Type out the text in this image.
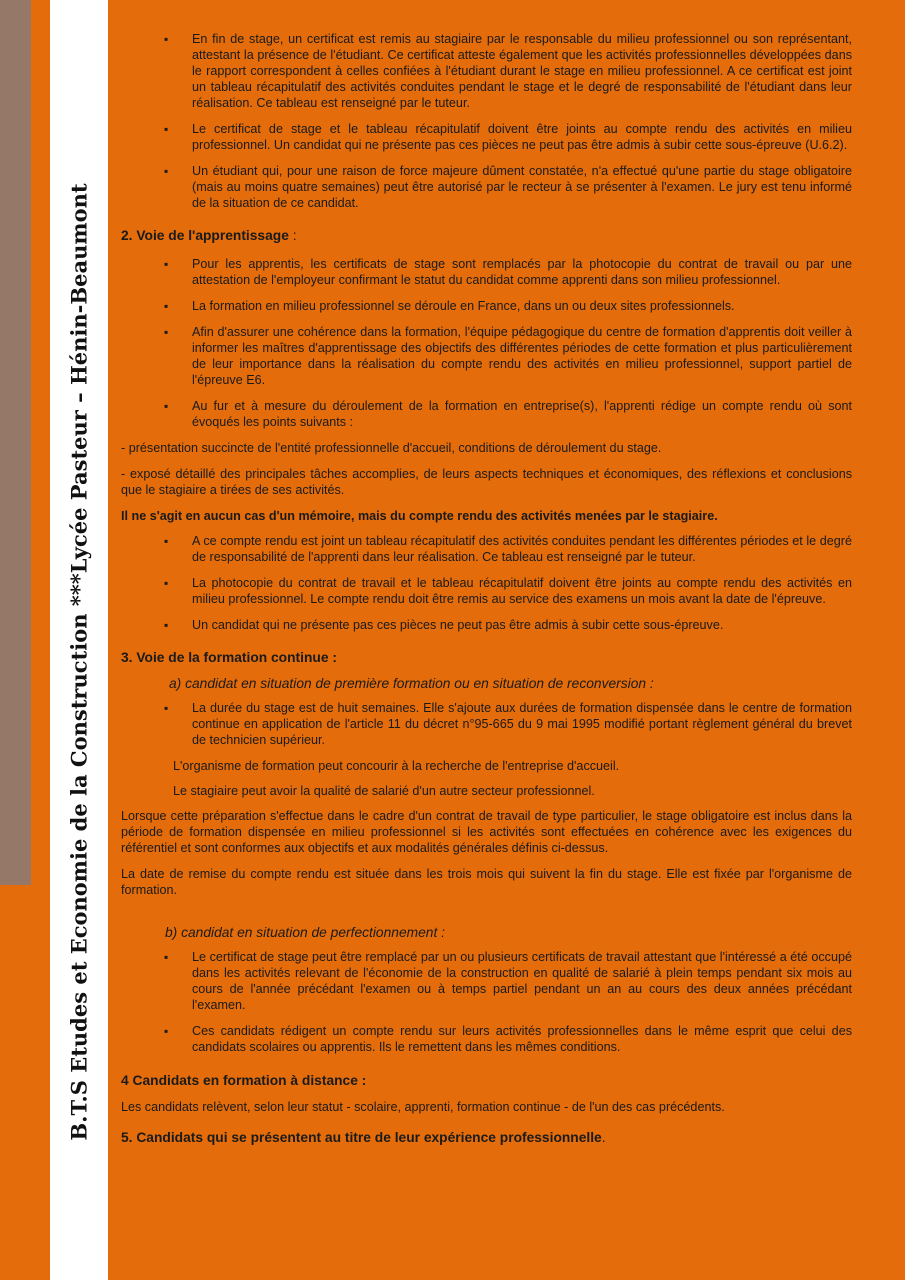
B.T.S Etudes et Economie de la Construction ***Lycée Pasteur – Hénin-Beaumont

▪ En fin de stage, un certificat est remis au stagiaire par le responsable du milieu professionnel ou son représentant, attestant la présence de l'étudiant. Ce certificat atteste également que les activités professionnelles développées dans le rapport correspondent à celles confiées à l'étudiant durant le stage en milieu professionnel. A ce certificat est joint un tableau récapitulatif des activités conduites pendant le stage et le degré de responsabilité de l'étudiant dans leur réalisation. Ce tableau est renseigné par le tuteur.

▪ Le certificat de stage et le tableau récapitulatif doivent être joints au compte rendu des activités en milieu professionnel. Un candidat qui ne présente pas ces pièces ne peut pas être admis à subir cette sous-épreuve (U.6.2).

▪ Un étudiant qui, pour une raison de force majeure dûment constatée, n'a effectué qu'une partie du stage obligatoire (mais au moins quatre semaines) peut être autorisé par le recteur à se présenter à l'examen. Le jury est tenu informé de la situation de ce candidat.

2. Voie de l'apprentissage :

▪ Pour les apprentis, les certificats de stage sont remplacés par la photocopie du contrat de travail ou par une attestation de l'employeur confirmant le statut du candidat comme apprenti dans son milieu professionnel.

▪ La formation en milieu professionnel se déroule en France, dans un ou deux sites professionnels.

▪ Afin d'assurer une cohérence dans la formation, l'équipe pédagogique du centre de formation d'apprentis doit veiller à informer les maîtres d'apprentissage des objectifs des différentes périodes de cette formation et plus particulièrement de leur importance dans la réalisation du compte rendu des activités en milieu professionnel, support partiel de l'épreuve E6.

▪ Au fur et à mesure du déroulement de la formation en entreprise(s), l'apprenti rédige un compte rendu où sont évoqués les points suivants :

- présentation succincte de l'entité professionnelle d'accueil, conditions de déroulement du stage.

- exposé détaillé des principales tâches accomplies, de leurs aspects techniques et économiques, des réflexions et conclusions que le stagiaire a tirées de ses activités.

Il ne s'agit en aucun cas d'un mémoire, mais du compte rendu des activités menées par le stagiaire.

▪ A ce compte rendu est joint un tableau récapitulatif des activités conduites pendant les différentes périodes et le degré de responsabilité de l'apprenti dans leur réalisation. Ce tableau est renseigné par le tuteur.

▪ La photocopie du contrat de travail et le tableau récapitulatif doivent être joints au compte rendu des activités en milieu professionnel. Le compte rendu doit être remis au service des examens un mois avant la date de l'épreuve.

▪ Un candidat qui ne présente pas ces pièces ne peut pas être admis à subir cette sous-épreuve.

3. Voie de la formation continue :

a) candidat en situation de première formation ou en situation de reconversion :

▪ La durée du stage est de huit semaines. Elle s'ajoute aux durées de formation dispensée dans le centre de formation continue en application de l'article 11 du décret n°95-665 du 9 mai 1995 modifié portant règlement général du brevet de technicien supérieur.

L'organisme de formation peut concourir à la recherche de l'entreprise d'accueil.

Le stagiaire peut avoir la qualité de salarié d'un autre secteur professionnel.

Lorsque cette préparation s'effectue dans le cadre d'un contrat de travail de type particulier, le stage obligatoire est inclus dans la période de formation dispensée en milieu professionnel si les activités sont effectuées en cohérence avec les exigences du référentiel et sont conformes aux objectifs et aux modalités générales définis ci-dessus.

La date de remise du compte rendu est située dans les trois mois qui suivent la fin du stage. Elle est fixée par l'organisme de formation.

b) candidat en situation de perfectionnement :

▪ Le certificat de stage peut être remplacé par un ou plusieurs certificats de travail attestant que l'intéressé a été occupé dans les activités relevant de l'économie de la construction en qualité de salarié à plein temps pendant six mois au cours de l'année précédant l'examen ou à temps partiel pendant un an au cours des deux années précédant l'examen.

▪ Ces candidats rédigent un compte rendu sur leurs activités professionnelles dans le même esprit que celui des candidats scolaires ou apprentis. Ils le remettent dans les mêmes conditions.

4 Candidats en formation à distance :

Les candidats relèvent, selon leur statut - scolaire, apprenti, formation continue - de l'un des cas précédents.

5. Candidats qui se présentent au titre de leur expérience professionnelle.
